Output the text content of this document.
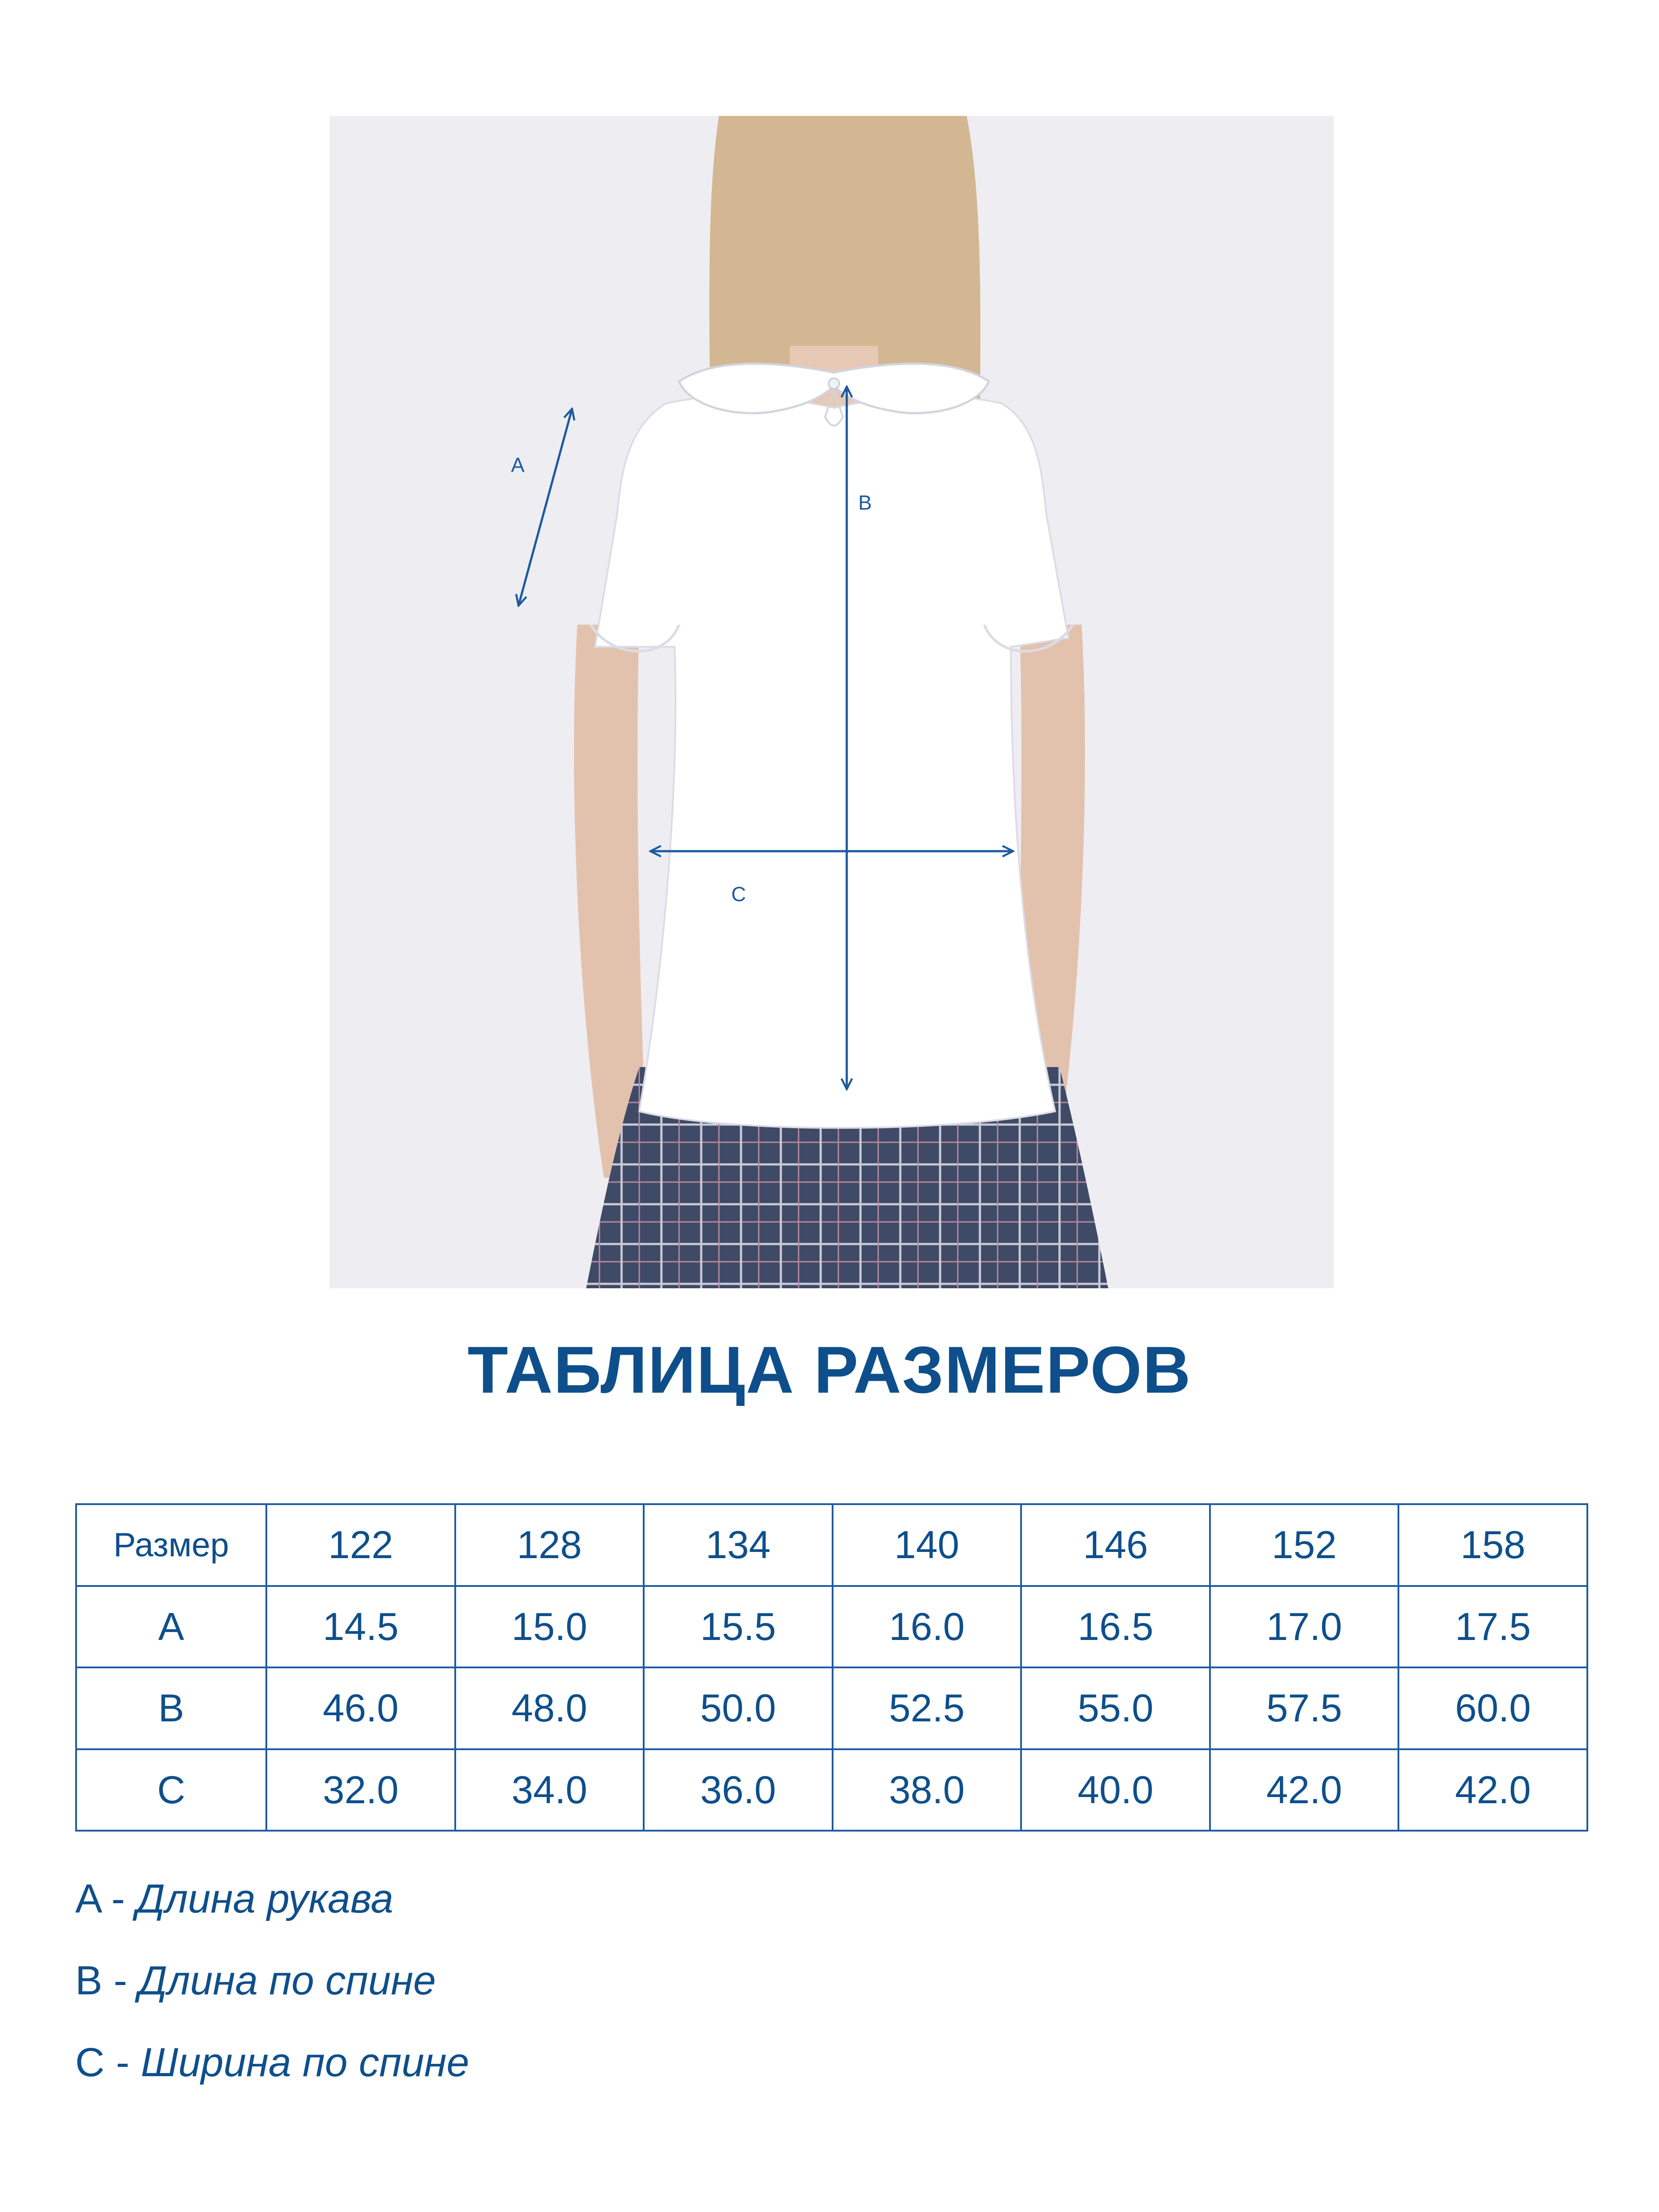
A
B
C
ТАБЛИЦА РАЗМЕРОВ
Размер	122	128	134	140	146	152	158
A	14.5	15.0	15.5	16.0	16.5	17.0	17.5
B	46.0	48.0	50.0	52.5	55.0	57.5	60.0
C	32.0	34.0	36.0	38.0	40.0	42.0	42.0
A - Длина рукава
B - Длина по спине
C - Ширина по спине
